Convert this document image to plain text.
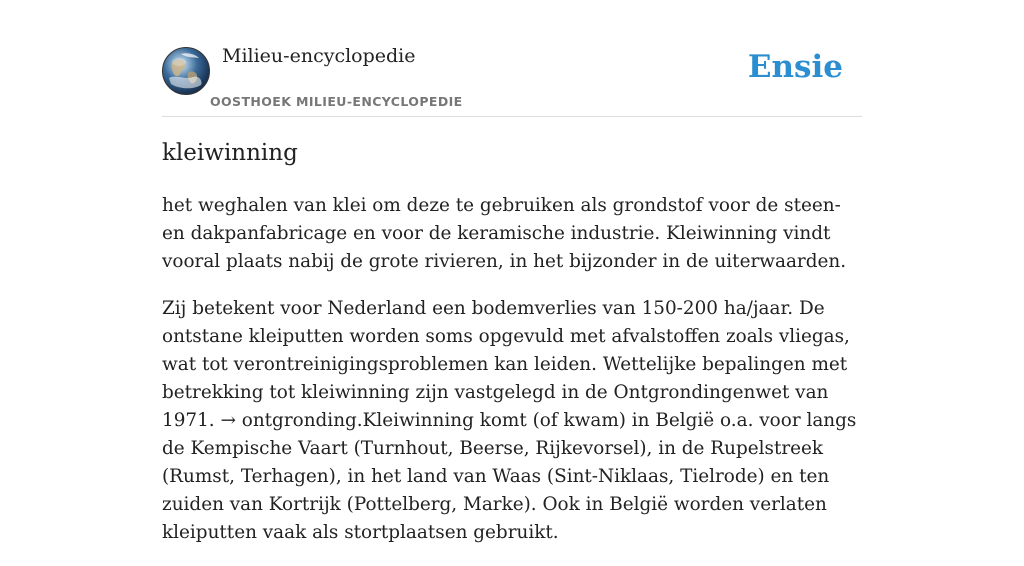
Milieu-encyclopedie
OOSTHOEK MILIEU-ENCYCLOPEDIE
Ensie
kleiwinning

het weghalen van klei om deze te gebruiken als grondstof voor de steen- en dakpanfabricage en voor de keramische industrie. Kleiwinning vindt vooral plaats nabij de grote rivieren, in het bijzonder in de uiterwaarden.

Zij betekent voor Nederland een bodemverlies van 150-200 ha/jaar. De ontstane kleiputten worden soms opgevuld met afvalstoffen zoals vliegas, wat tot verontreinigingsproblemen kan leiden. Wettelijke bepalingen met betrekking tot kleiwinning zijn vastgelegd in de Ontgrondingenwet van 1971. → ontgronding.Kleiwinning komt (of kwam) in België o.a. voor langs de Kempische Vaart (Turnhout, Beerse, Rijkevorsel), in de Rupelstreek (Rumst, Terhagen), in het land van Waas (Sint-Niklaas, Tielrode) en ten zuiden van Kortrijk (Pottelberg, Marke). Ook in België worden verlaten kleiputten vaak als stortplaatsen gebruikt.
